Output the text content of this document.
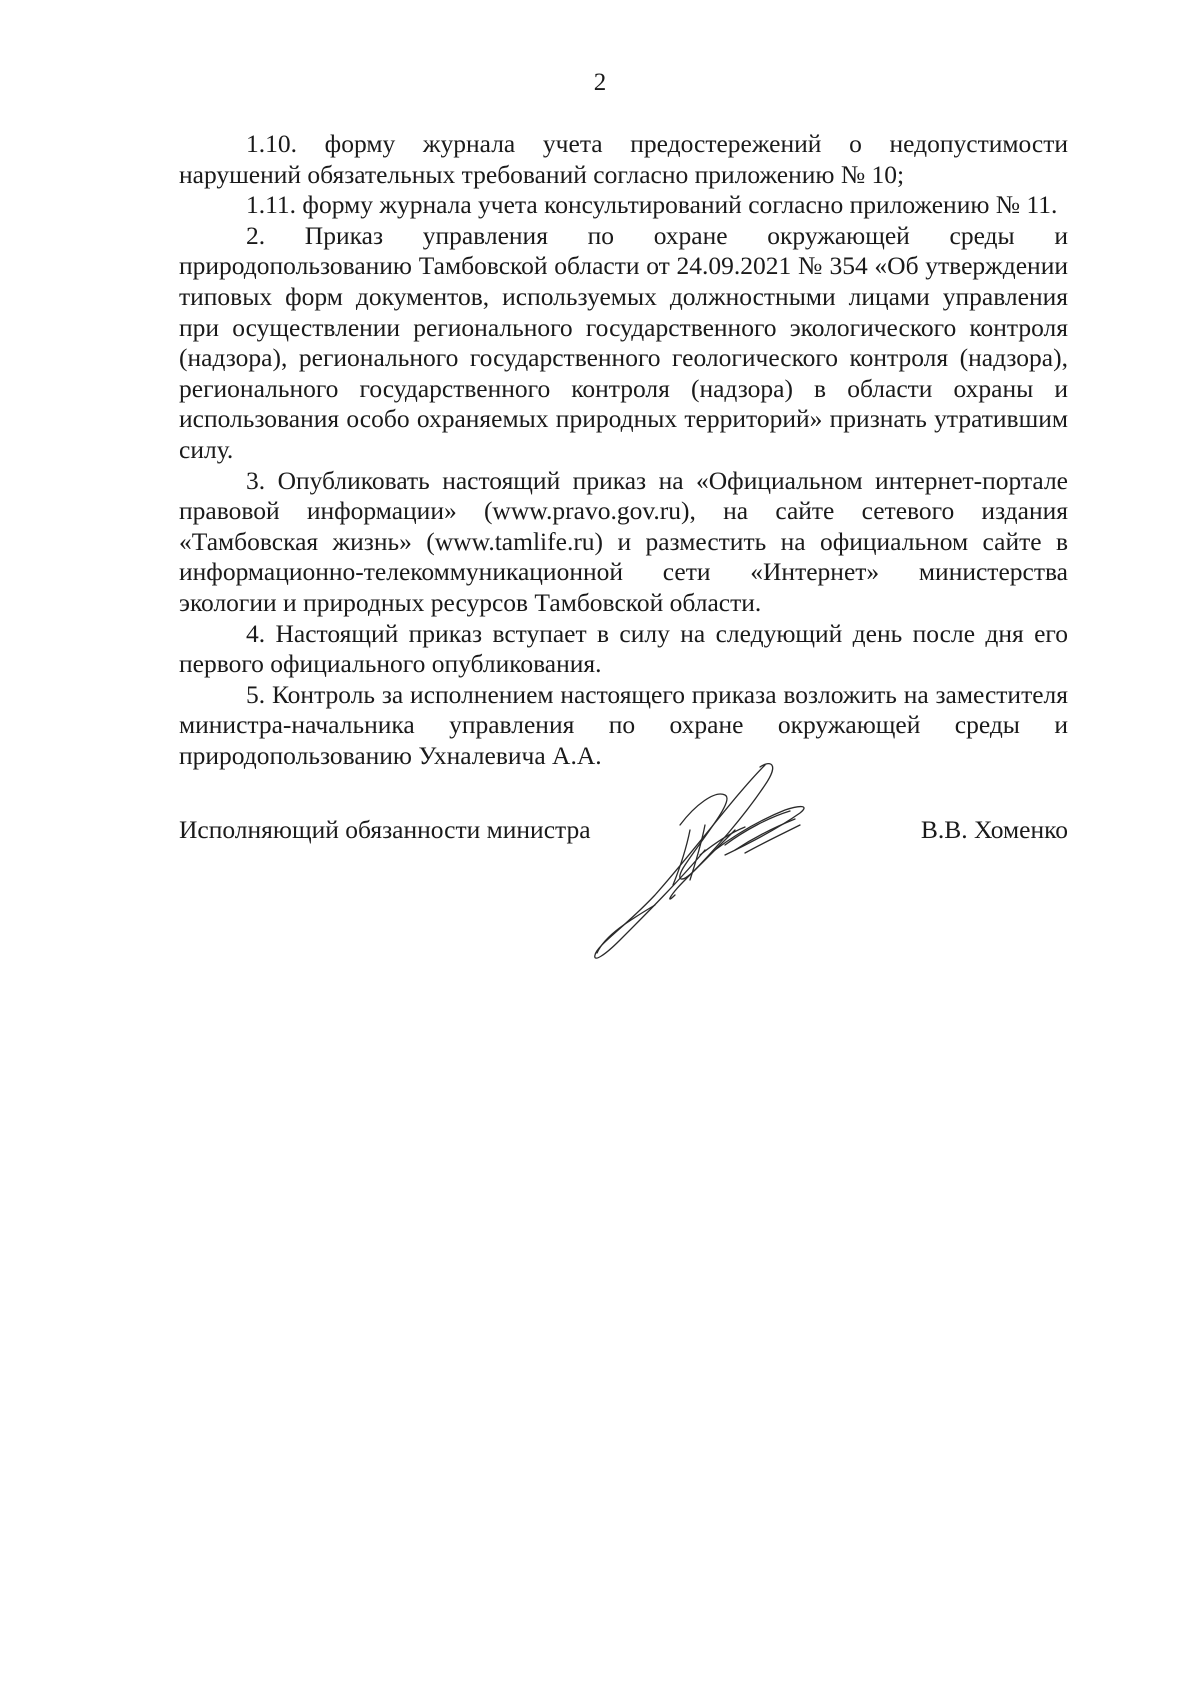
2

1.10. форму журнала учета предостережений о недопустимости нарушений обязательных требований согласно приложению № 10;

1.11. форму журнала учета консультирований согласно приложению № 11.

2. Приказ управления по охране окружающей среды и природопользованию Тамбовской области от 24.09.2021 № 354 «Об утверждении типовых форм документов, используемых должностными лицами управления при осуществлении регионального государственного экологического контроля (надзора), регионального государственного геологического контроля (надзора), регионального государственного контроля (надзора) в области охраны и использования особо охраняемых природных территорий» признать утратившим силу.

3. Опубликовать настоящий приказ на «Официальном интернет-портале правовой информации» (www.pravo.gov.ru), на сайте сетевого издания «Тамбовская жизнь» (www.tamlife.ru) и разместить на официальном сайте в информационно-телекоммуникационной сети «Интернет» министерства экологии и природных ресурсов Тамбовской области.

4. Настоящий приказ вступает в силу на следующий день после дня его первого официального опубликования.

5. Контроль за исполнением настоящего приказа возложить на заместителя министра-начальника управления по охране окружающей среды и природопользованию Ухналевича А.А.

Исполняющий обязанности министра	В.В. Хоменко
